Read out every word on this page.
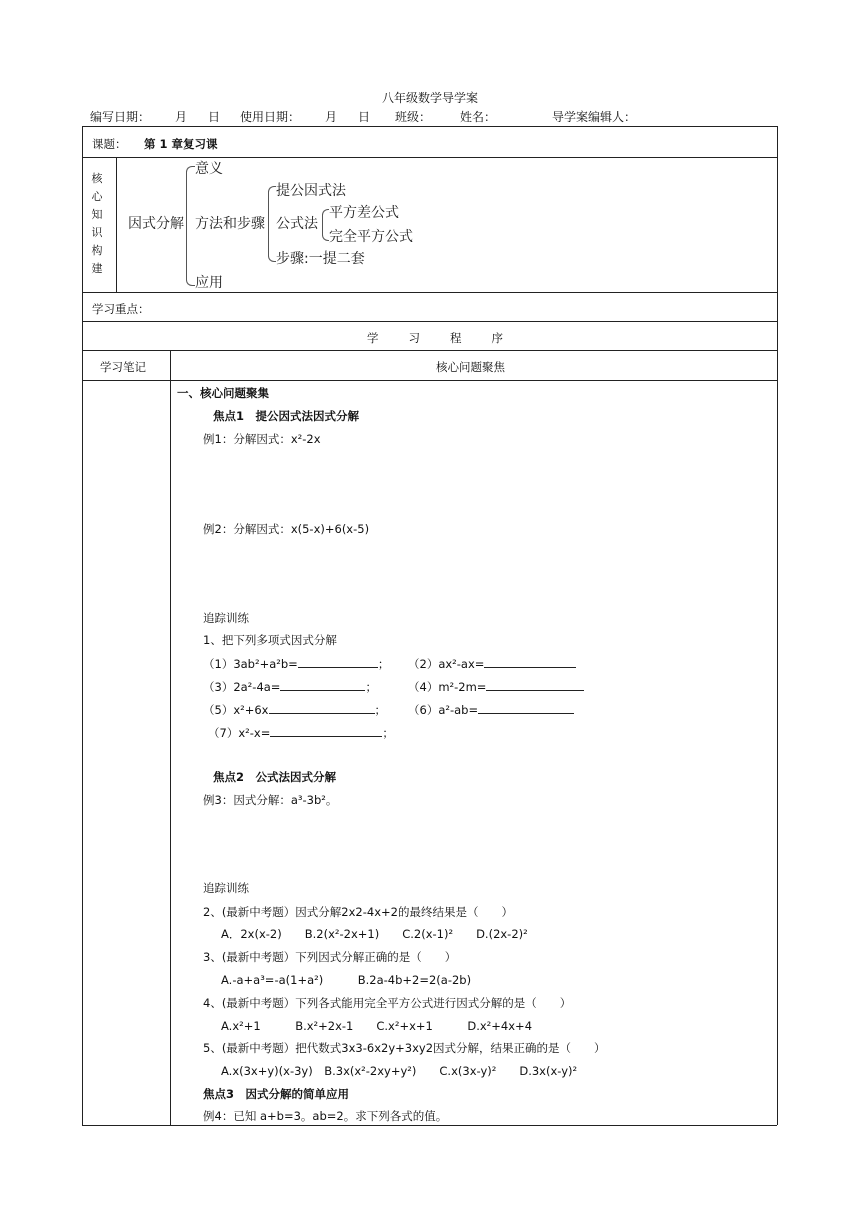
八年级数学导学案
编写日期： 月 日 使用日期： 月 日 班级： 姓名：	导学案编辑人：
课题： 第 1 章复习课
核
心
知
识
构
建
因式分解
意义
方法和步骤
提公因式法
公式法
平方差公式
完全平方公式
步骤:一提二套
应用
学习重点：
学习程序
学习笔记	核心问题聚焦
一、核心问题聚集
焦点1　提公因式法因式分解
例1：分解因式：x²-2x
例2：分解因式：x(5-x)+6(x-5)
追踪训练
1、把下列多项式因式分解
（1）3ab²+a²b=	； （2）ax²-ax=
（3）2a²-4a=	；	（4）m²-2m=
（5）x²+6x	； （6）a²-ab=
（7）x²-x=	；
焦点2　公式法因式分解
例3：因式分解：a³-3b²。
追踪训练
2、(最新中考题）因式分解2x2-4x+2的最终结果是（　　）
A．2x(x-2)　　B.2(x²-2x+1)　　C.2(x-1)²　　D.(2x-2)²
3、(最新中考题）下列因式分解正确的是（　　）
A.-a+a³=-a(1+a²)　　　B.2a-4b+2=2(a-2b)
4、(最新中考题）下列各式能用完全平方公式进行因式分解的是（　　）
A.x²+1　　　B.x²+2x-1　　C.x²+x+1　　　D.x²+4x+4
5、(最新中考题）把代数式3x3-6x2y+3xy2因式分解，结果正确的是（　　）
A.x(3x+y)(x-3y)　B.3x(x²-2xy+y²)　　C.x(3x-y)²　　D.3x(x-y)²
焦点3　因式分解的简单应用
例4：已知 a+b=3。ab=2。求下列各式的值。
